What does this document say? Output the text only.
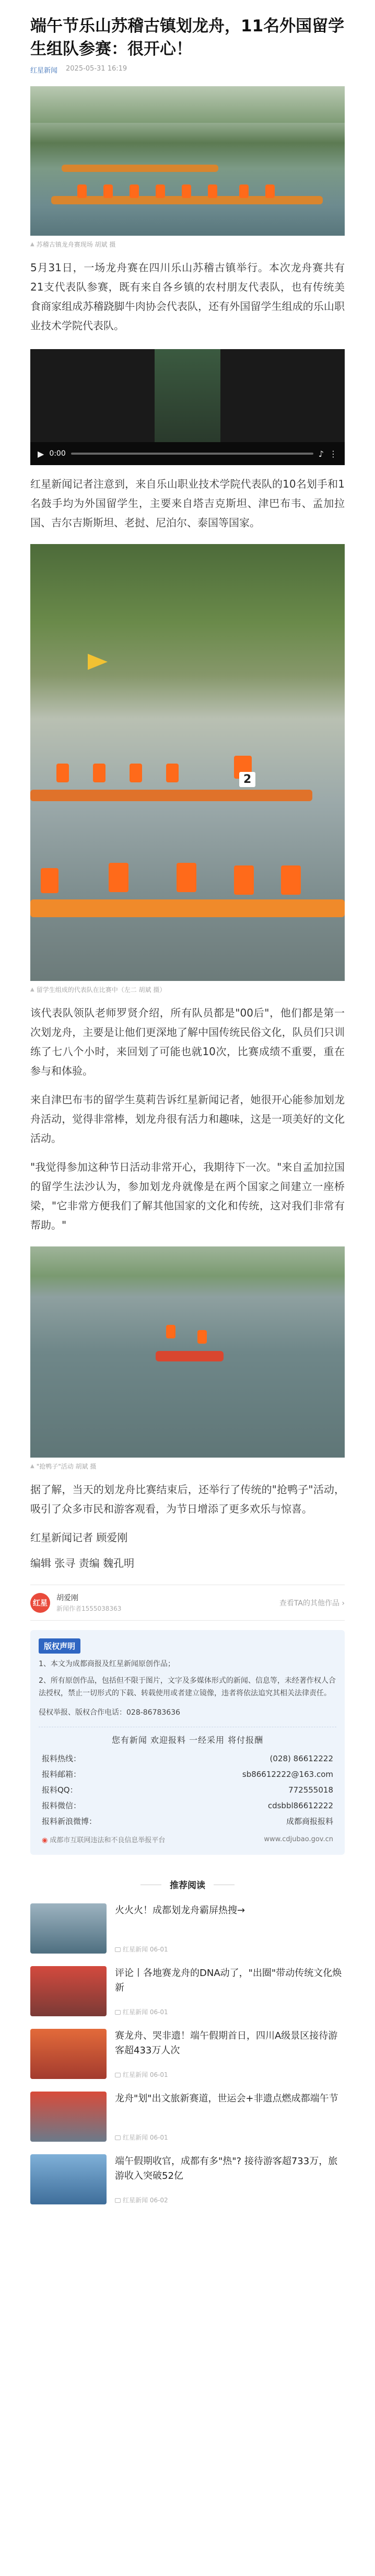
端午节乐山苏稽古镇划龙舟，11名外国留学生组队参赛：很开心！
红星新闻 2025-05-31 16:19
▲ 苏稽古镇龙舟赛现场 胡斌 摄

5月31日，一场龙舟赛在四川乐山苏稽古镇举行。本次龙舟赛共有21支代表队参赛，既有来自各乡镇的农村朋友代表队，也有传统美食商家组成苏稽跷脚牛肉协会代表队，还有外国留学生组成的乐山职业技术学院代表队。

▶ 0:00	♪ ⋮

红星新闻记者注意到，来自乐山职业技术学院代表队的10名划手和1名鼓手均为外国留学生，主要来自塔吉克斯坦、津巴布韦、孟加拉国、吉尔吉斯斯坦、老挝、尼泊尔、泰国等国家。

2
▲ 留学生组成的代表队在比赛中（左二 胡斌 摄）

该代表队领队老师罗贤介绍，所有队员都是"00后"，他们都是第一次划龙舟，主要是让他们更深地了解中国传统民俗文化，队员们只训练了七八个小时，来回划了可能也就10次，比赛成绩不重要，重在参与和体验。

来自津巴布韦的留学生莫莉告诉红星新闻记者，她很开心能参加划龙舟活动，觉得非常棒，划龙舟很有活力和趣味，这是一项美好的文化活动。

"我觉得参加这种节日活动非常开心，我期待下一次。"来自孟加拉国的留学生法沙认为，参加划龙舟就像是在两个国家之间建立一座桥梁，"它非常方便我们了解其他国家的文化和传统，这对我们非常有帮助。"

▲ "抢鸭子"活动 胡斌 摄

据了解，当天的划龙舟比赛结束后，还举行了传统的"抢鸭子"活动，吸引了众多市民和游客观看，为节日增添了更多欢乐与惊喜。

红星新闻记者 顾爱刚

编辑 张寻 责编 魏孔明

红星
胡爱刚
新闻作者1555038363
查看TA的其他作品 ›
版权声明
1、本文为成都商报及红星新闻原创作品；
2、所有原创作品，包括但不限于图片，文字及多媒体形式的新闻、信息等，未经著作权人合法授权，禁止一切形式的下载、转载使用或者建立镜像，违者将依法追究其相关法律责任。
侵权举报、版权合作电话：028-86783636
您有新闻 欢迎报料 一经采用 将付报酬
报料热线：	(028) 86612222
报料邮箱：	sb86612222@163.com
报料QQ：	772555018
报料微信：	cdsbbl86612222
报料新浪微博：	成都商报报料
◉ 成都市互联网违法和不良信息举报平台	www.cdjubao.gov.cn
推荐阅读
火火火！成都划龙舟霸屏热搜→
红星新闻 06-01
评论丨各地赛龙舟的DNA动了，"出圈"带动传统文化焕新
红星新闻 06-01
赛龙舟、哭非遗！端午假期首日，四川A级景区接待游客超433万人次
红星新闻 06-01
龙舟"划"出文旅新赛道，世运会+非遗点燃成都端午节
红星新闻 06-01
端午假期收官，成都有多"热"? 接待游客超733万，旅游收入突破52亿
红星新闻 06-02
